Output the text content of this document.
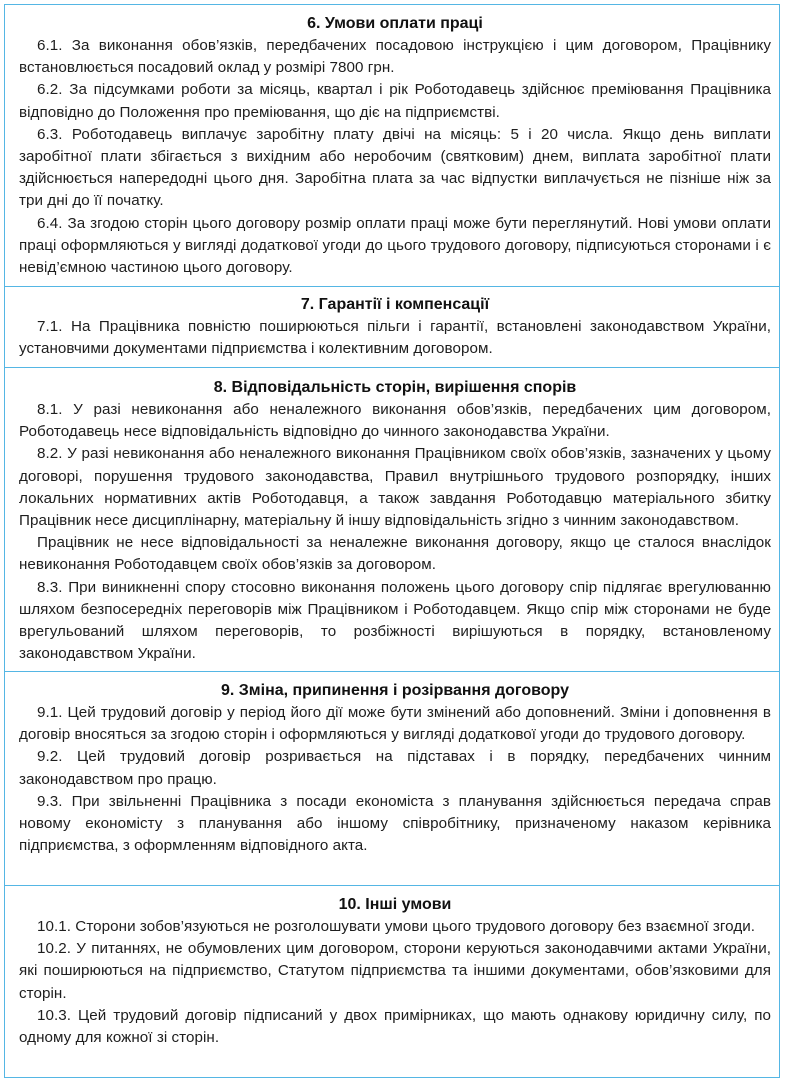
6. Умови оплати праці

6.1. За виконання обов’язків, передбачених посадовою інструкцією і цим договором, Працівнику встановлюється посадовий оклад у розмірі 7800 грн.

6.2. За підсумками роботи за місяць, квартал і рік Роботодавець здійснює преміювання Працівника відповідно до Положення про преміювання, що діє на підприємстві.

6.3. Роботодавець виплачує заробітну плату двічі на місяць: 5 і 20 числа. Якщо день виплати заробітної плати збігається з вихідним або неробочим (святковим) днем, виплата заробітної плати здійснюється напередодні цього дня. Заробітна плата за час відпустки виплачується не пізніше ніж за три дні до її початку.

6.4. За згодою сторін цього договору розмір оплати праці може бути переглянутий. Нові умови оплати праці оформляються у вигляді додаткової угоди до цього трудового договору, підписуються сторонами і є невід’ємною частиною цього договору.

7. Гарантії і компенсації

7.1. На Працівника повністю поширюються пільги і гарантії, встановлені законодавством України, установчими документами підприємства і колективним договором.

8. Відповідальність сторін, вирішення спорів

8.1. У разі невиконання або неналежного виконання обов’язків, передбачених цим договором, Роботодавець несе відповідальність відповідно до чинного законодавства України.

8.2. У разі невиконання або неналежного виконання Працівником своїх обов’язків, зазначених у цьому договорі, порушення трудового законодавства, Правил внутрішнього трудового розпорядку, інших локальних нормативних актів Роботодавця, а також завдання Роботодавцю матеріального збитку Працівник несе дисциплінарну, матеріальну й іншу відповідальність згідно з чинним законодавством.

Працівник не несе відповідальності за неналежне виконання договору, якщо це сталося внаслідок невиконання Роботодавцем своїх обов’язків за договором.

8.3. При виникненні спору стосовно виконання положень цього договору спір підлягає врегулюванню шляхом безпосередніх переговорів між Працівником і Роботодавцем. Якщо спір між сторонами не буде врегульований шляхом переговорів, то розбіжності вирішуються в порядку, встановленому законодавством України.

9. Зміна, припинення і розірвання договору

9.1. Цей трудовий договір у період його дії може бути змінений або доповнений. Зміни і доповнення в договір вносяться за згодою сторін і оформляються у вигляді додаткової угоди до трудового договору.

9.2. Цей трудовий договір розривається на підставах і в порядку, передбачених чинним законодавством про працю.

9.3. При звільненні Працівника з посади економіста з планування здійснюється передача справ новому економісту з планування або іншому співробітнику, призначеному наказом керівника підприємства, з оформленням відповідного акта.

10. Інші умови

10.1. Сторони зобов’язуються не розголошувати умови цього трудового договору без взаємної згоди.

10.2. У питаннях, не обумовлених цим договором, сторони керуються законодавчими актами України, які поширюються на підприємство, Статутом підприємства та іншими документами, обов’язковими для сторін.

10.3. Цей трудовий договір підписаний у двох примірниках, що мають однакову юридичну силу, по одному для кожної зі сторін.
